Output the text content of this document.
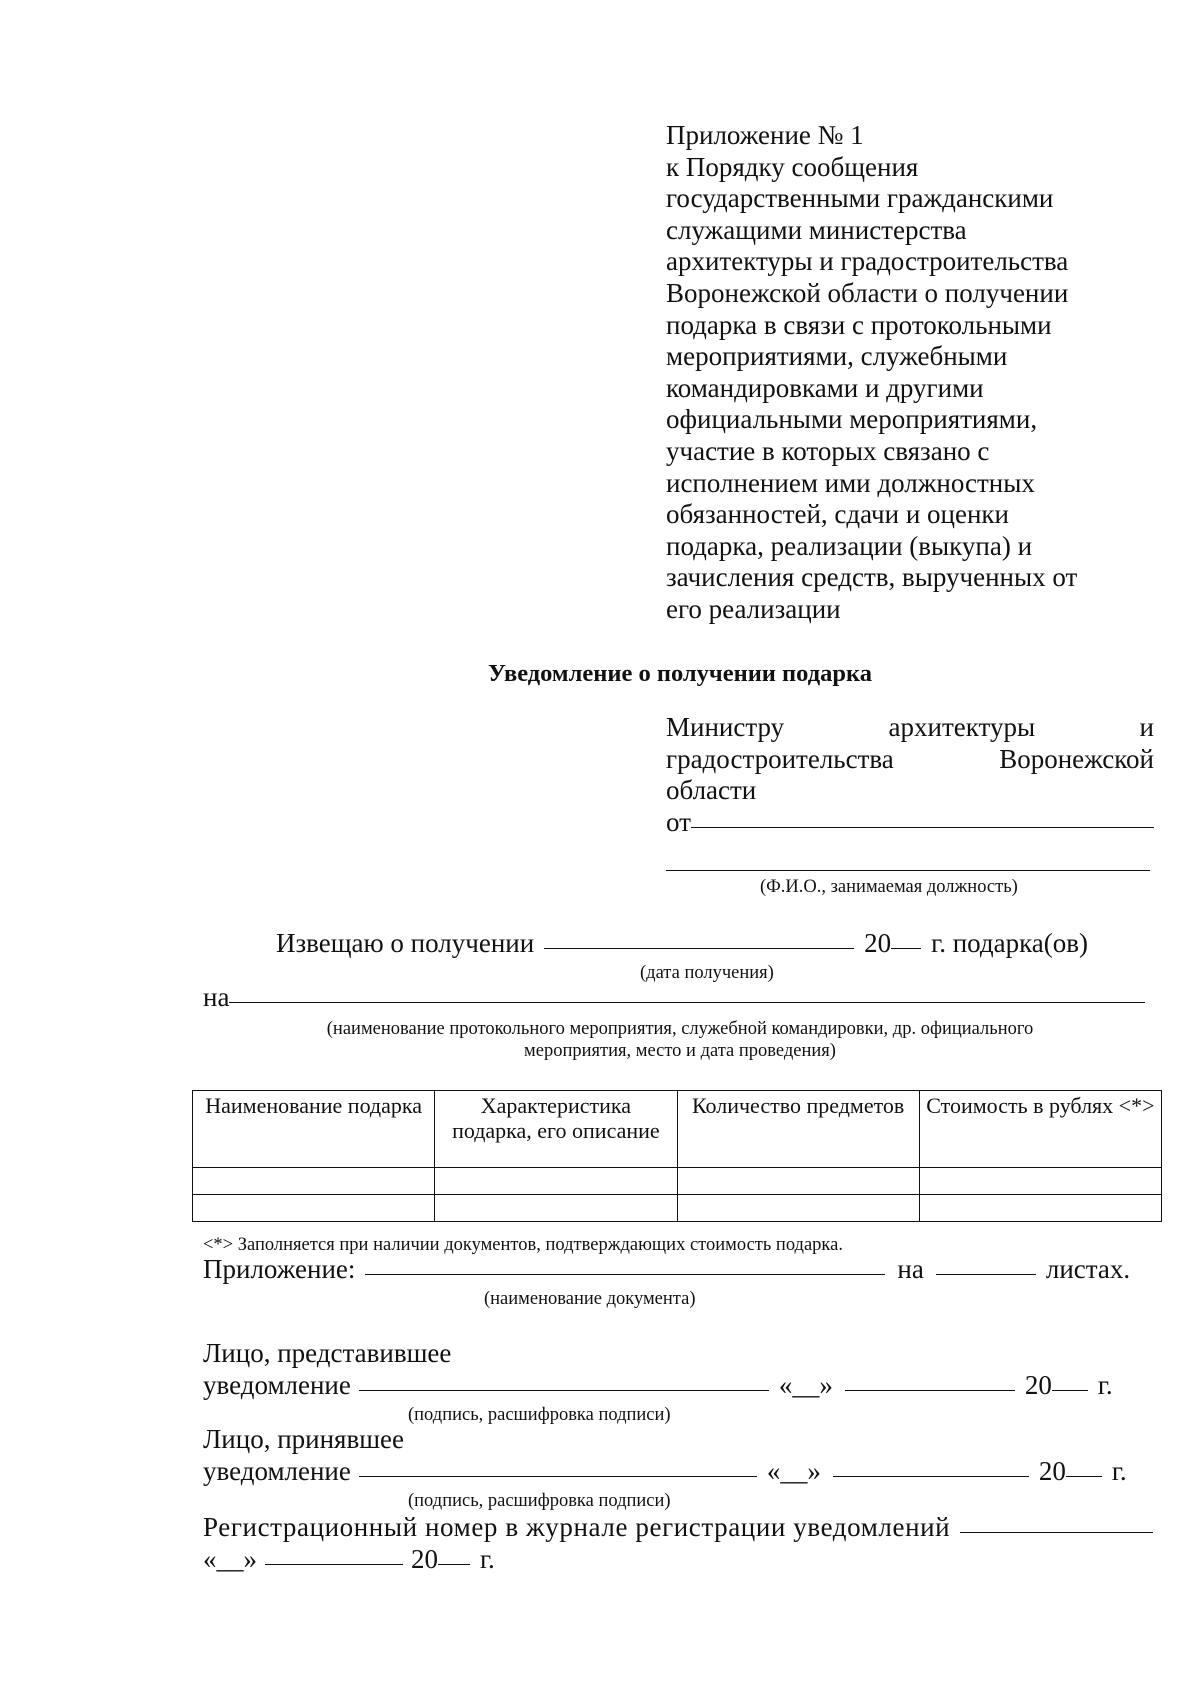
Приложение № 1
к Порядку сообщения
государственными гражданскими
служащими министерства
архитектуры и градостроительства
Воронежской области о получении
подарка в связи с протокольными
мероприятиями, служебными
командировками и другими
официальными мероприятиями,
участие в которых связано с
исполнением ими должностных
обязанностей, сдачи и оценки
подарка, реализации (выкупа) и
зачисления средств, вырученных от
его реализации
Уведомление о получении подарка
Министру архитектуры и
градостроительства Воронежской
области
от
(Ф.И.О., занимаемая должность)
Извещаю о получении	20 г. подарка(ов)
(дата получения)
на
(наименование протокольного мероприятия, служебной командировки, др. официального
мероприятия, место и дата проведения)
Наименование подарка	Характеристика подарка, его описание	Количество предметов	Стоимость в рублях <*>

<*> Заполняется при наличии документов, подтверждающих стоимость подарка.
Приложение:	на	листах.
(наименование документа)
Лицо, представившее
уведомление	«__»	20 г.
(подпись, расшифровка подписи)
Лицо, принявшее
уведомление	«__»	20 г.
(подпись, расшифровка подписи)
Регистрационный номер в журнале регистрации уведомлений
«__»	20 г.
